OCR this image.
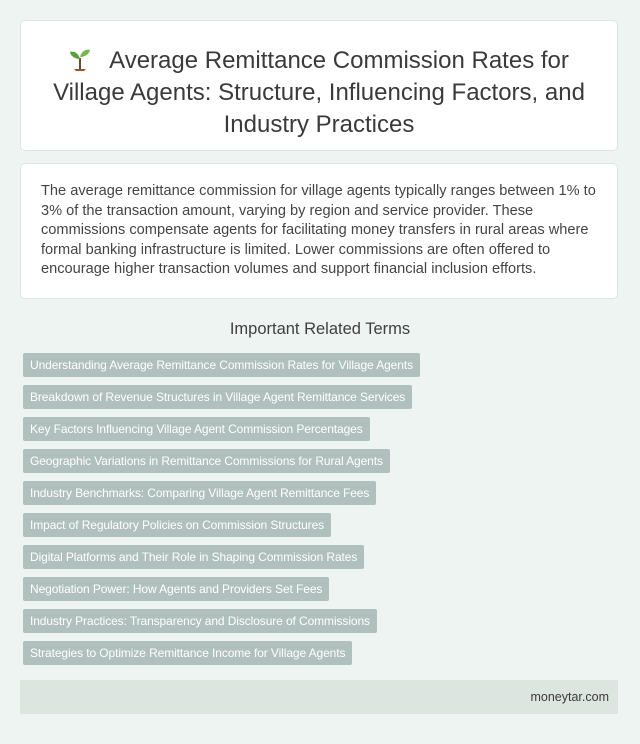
Average Remittance Commission Rates for Village Agents: Structure, Influencing Factors, and Industry Practices

The average remittance commission for village agents typically ranges between 1% to 3% of the transaction amount, varying by region and service provider. These commissions compensate agents for facilitating money transfers in rural areas where formal banking infrastructure is limited. Lower commissions are often offered to encourage higher transaction volumes and support financial inclusion efforts.

Important Related Terms
Understanding Average Remittance Commission Rates for Village Agents
Breakdown of Revenue Structures in Village Agent Remittance Services
Key Factors Influencing Village Agent Commission Percentages
Geographic Variations in Remittance Commissions for Rural Agents
Industry Benchmarks: Comparing Village Agent Remittance Fees
Impact of Regulatory Policies on Commission Structures
Digital Platforms and Their Role in Shaping Commission Rates
Negotiation Power: How Agents and Providers Set Fees
Industry Practices: Transparency and Disclosure of Commissions
Strategies to Optimize Remittance Income for Village Agents
moneytar.com
